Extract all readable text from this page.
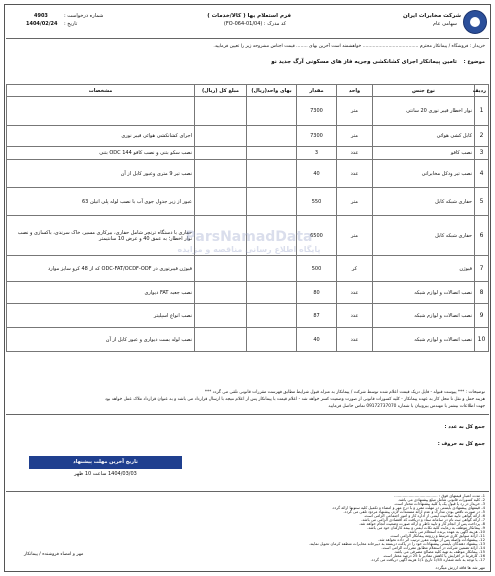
شرکت مخابرات ایران
سهامی عام
فرم استعلام بها ( کالا/خدمات )
کد مدرک : (FO-064-01/04)
شماره درخواست :
4903
تاریخ :
1404/02/24
خریدار : فروشگاه / پیمانکار محترم ....................................... خواهشمند است آخرین بهای ........ قیمت اجناس مشروحه زیر را تعیین فرمایید.
موضوع :
تامین پیمانکار اجرای کشانکشی وجریه فاز های مسکونی آرگ جدید نو
ردیف	نوع جنس	واحد	مقدار	بهای واحد(ریال)	مبلغ کل (ریال)	مشخصات
1	نوار اخطار فیبر نوری 20 سانتی	متر	7300			
2	کابل کشی هوائی	متر	7300			اجرای کشانکشی هوائی فیبر نوری
3	نصب کافو	عدد	3			نصب سکو بتنی و نصب کافو ODC 144 بتنی
4	نصب تیر ودکل مخابراتی	عدد	40			نصب تیر 9 متری وعبور کابل از آن
5	حفاری شبکه کابل	متر	550			عبور از زیر جدول جوی آب با نصب لوله پلی اتیلن 63
6	حفاری شبکه کابل	متر	6500			حفاری با دستگاه ترنچر شامل حفاری، بیرکاری مسیر، خاک سرندی، باکسازی و نصب نوار اخطار؛ به عمق 40 و عرض 10 سانتیمتر
7	فیوژن	کر	500			فیوژن فیبرنوری در ODC-FAT/OCDF-ODF که از 48 کرو سایز موارد
8	نصب اتصالات و لوازم شبکه	عدد	80			نصب جعبه FAT دیواری
9	نصب اتصالات و لوازم شبکه	عدد	87			نصب انواع اسپلیتر
10	نصب اتصالات و لوازم شبکه	عدد	40			نصب لوله بست دیواری و عبور کابل از آن
ParsNamadData
پایگاه اطلاع رسانی مناقصه و مزایده
توضیحات : *** پیوست قبوله - فایل دریک قیمت اعلام شده توسط شرکت / پیمانکار به منزله قبول شرایط مطابق فهرست مقررات قانونی تلقی می گردد ***
هزینه حمل و نقل تا محل کار به عهده پیمانکار - کلیه کسورات قانونی از صورت وضعیت کسر خواهد شد - اعلام قیمت با پیمانکار پس از اعلام نتیجه با ارسال قرارداد می باشد و به عنوان قرارداد ملاک عمل خواهد بود
جهت اطلاعات بیشتر با مهندس بیرونیان با شماره 09172737070 تماس حاصل فرمایید
جمع کل به عدد :
جمع کل به حروف :
تاریخ آخرین مهلت پیشنهاد
1404/03/03 ساعت 10 ظهر
1- مدت اعتبار قیمتهای فوق : ....................................
2- کلیه کسورات قانونی شامل مبلغ پیشنهادی می باشد.
3- خریدار در رد یا قبول یک یا کلیه پیشنهادات مختار است.
4- قیمتهای پیشنهادی بایستی در مهلت مقرر و با درج مهر و امضاء و تکمیل کلیه ستونها ارائه گردد.
5- در صورت ناقص بودن مدارک و عدم ارائه مستندات لازم، پیشنهاد مردود تلقی می گردد.
6- ارائه گواهی تایید صلاحیت ایمنی از اداره کار و امور اجتماعی الزامی است.
7- ارائه گواهی ثبت نام در سامانه ستاد و دریافت کد اقتصادی الزامی می باشد.
8- پرداخت پس از انجام کار و تایید ناظر و ارائه صورت وضعیت انجام خواهد شد.
9- پیمانکار موظف به رعایت کلیه نکات ایمنی و بیمه کارکنان خود می باشد.
10- هزینه آگهی به عهده برنده استعلام می باشد.
11- ارائه سوابق کاری مرتبط و رزومه پیمانکار الزامی است.
12- پیشنهادات واصله پس از مهلت مقرر ترتیب اثر داده نخواهد شد.
13- پیشنهاد دهندگان بایستی پیشنهادات خود را در پاکت دربسته به دبیرخانه مخابرات منطقه کرمان تحویل نمایند.
14- ارائه تضمین شرکت در استعلام مطابق مقررات الزامی است.
15- پیمانکار موظف به تهیه کلیه مصالح مصرفی می باشد.
16- کارفرما در افزایش یا کاهش مقادیر تا 25 درصد مختار است.
17- با توجه به نامه شماره 1/45 تاریخ 1/1 هزینه آگهی دریافت می گردد.
مهر و امضاء فروشنده / پیمانکار
مهر شد ها فاقد ارزش میگردد
